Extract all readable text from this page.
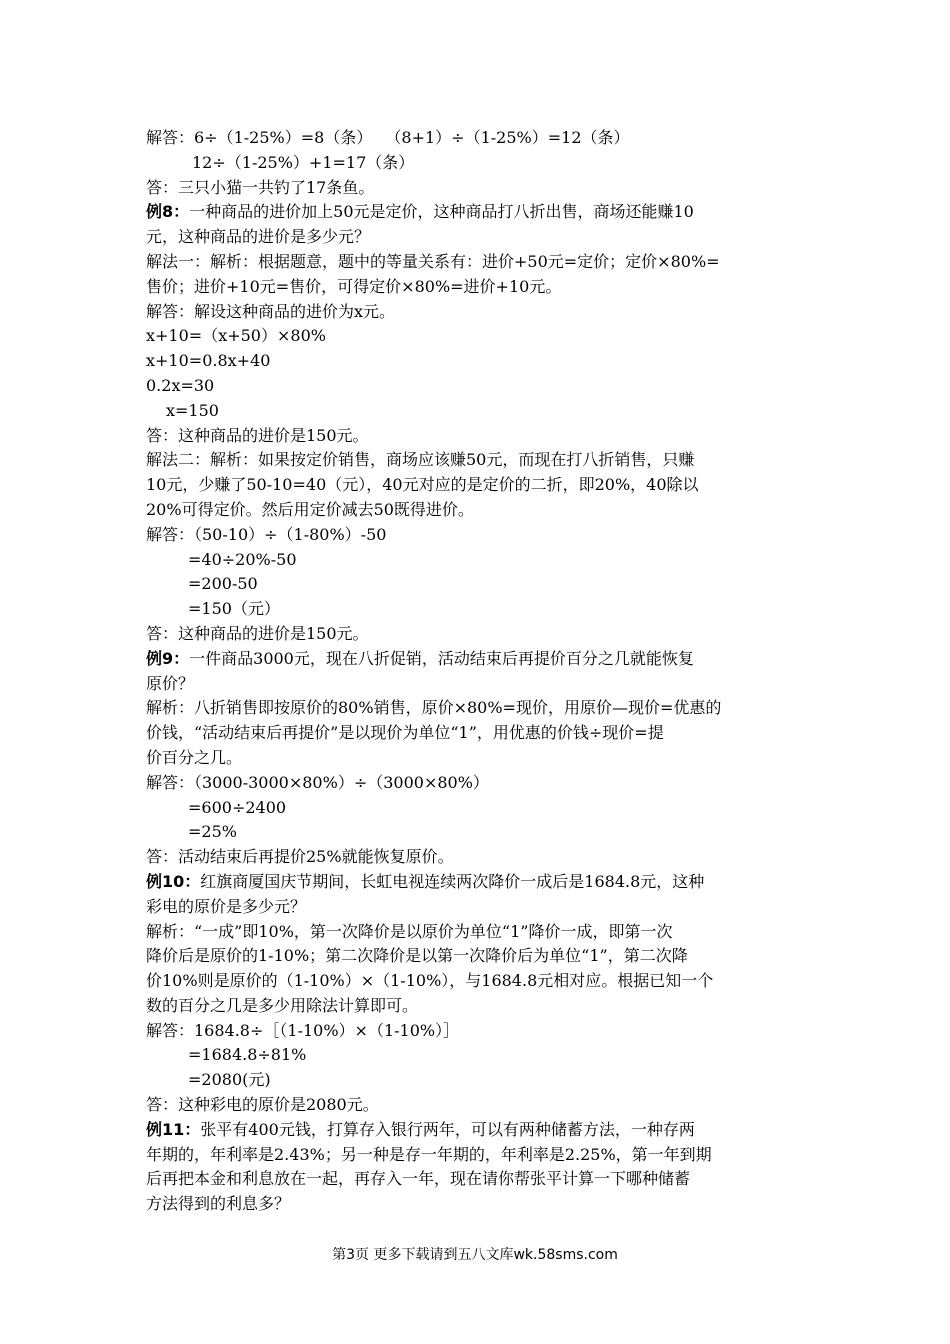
解答：6÷（1-25%）=8（条）　 （8+1）÷（1-25%）=12（条）
12÷（1-25%）+1=17（条）
答：三只小猫一共钓了17条鱼。
例8：一种商品的进价加上50元是定价，这种商品打八折出售，商场还能赚10
元，这种商品的进价是多少元？
解法一：解析：根据题意，题中的等量关系有：进价+50元=定价；定价×80%=
售价；进价+10元=售价，可得定价×80%=进价+10元。
解答：解设这种商品的进价为x元。
x+10=（x+50）×80%
x+10=0.8x+40
0.2x=30
x=150
答：这种商品的进价是150元。
解法二：解析：如果按定价销售，商场应该赚50元，而现在打八折销售，只赚
10元，少赚了50-10=40（元），40元对应的是定价的二折，即20%，40除以
20%可得定价。然后用定价减去50既得进价。
解答：（50-10）÷（1-80%）-50
=40÷20%-50
=200-50
=150（元）
答：这种商品的进价是150元。
例9：一件商品3000元，现在八折促销，活动结束后再提价百分之几就能恢复
原价？
解析：八折销售即按原价的80%销售，原价×80%=现价，用原价—现价=优惠的
价钱，“活动结束后再提价”是以现价为单位“1”，用优惠的价钱÷现价=提
价百分之几。
解答：（3000-3000×80%）÷（3000×80%）
=600÷2400
=25%
答：活动结束后再提价25%就能恢复原价。
例10：红旗商厦国庆节期间，长虹电视连续两次降价一成后是1684.8元，这种
彩电的原价是多少元？
解析：“一成”即10%，第一次降价是以原价为单位“1”降价一成，即第一次
降价后是原价的1-10%；第二次降价是以第一次降价后为单位“1”，第二次降
价10%则是原价的（1-10%）×（1-10%），与1684.8元相对应。根据已知一个
数的百分之几是多少用除法计算即可。
解答：1684.8÷［（1-10%）×（1-10%）］
=1684.8÷81%
=2080(元)
答：这种彩电的原价是2080元。
例11：张平有400元钱，打算存入银行两年，可以有两种储蓄方法，一种存两
年期的，年利率是2.43%；另一种是存一年期的，年利率是2.25%，第一年到期
后再把本金和利息放在一起，再存入一年，现在请你帮张平计算一下哪种储蓄
方法得到的利息多？
第3页 更多下载请到五八文库wk.58sms.com
